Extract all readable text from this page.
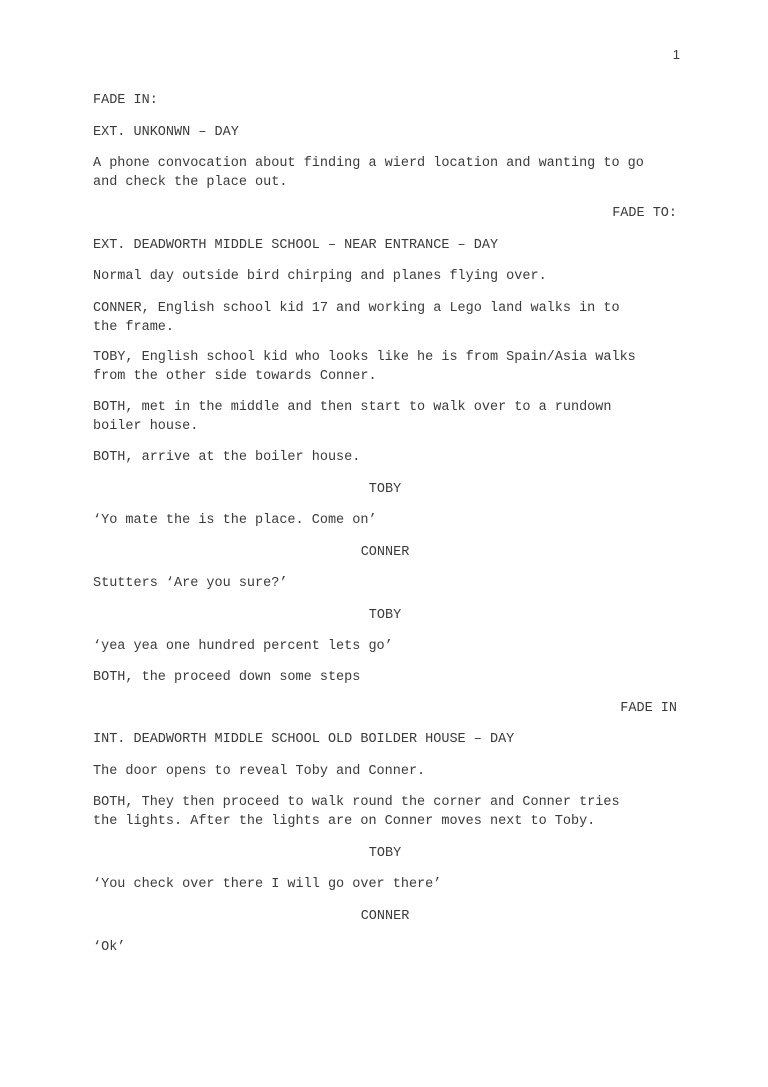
1

FADE IN:

EXT. UNKONWN – DAY

A phone convocation about finding a wierd location and wanting to go
and check the place out.

FADE TO:

EXT. DEADWORTH MIDDLE SCHOOL – NEAR ENTRANCE – DAY

Normal day outside bird chirping and planes flying over.

CONNER, English school kid 17 and working a Lego land walks in to
the frame.

TOBY, English school kid who looks like he is from Spain/Asia walks
from the other side towards Conner.

BOTH, met in the middle and then start to walk over to a rundown
boiler house.

BOTH, arrive at the boiler house.

TOBY

‘Yo mate the is the place. Come on’

CONNER

Stutters ‘Are you sure?’

TOBY

‘yea yea one hundred percent lets go’

BOTH, the proceed down some steps

FADE IN

INT. DEADWORTH MIDDLE SCHOOL OLD BOILDER HOUSE – DAY

The door opens to reveal Toby and Conner.

BOTH, They then proceed to walk round the corner and Conner tries
the lights. After the lights are on Conner moves next to Toby.

TOBY

‘You check over there I will go over there’

CONNER

‘Ok’
